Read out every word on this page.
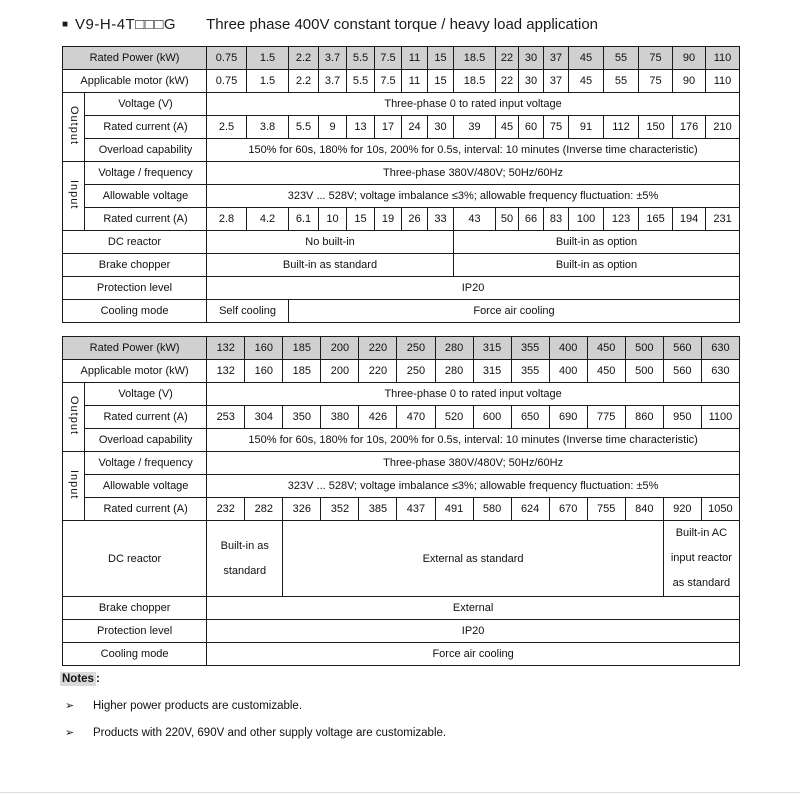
■ V9-H-4T□□□G Three phase 400V constant torque / heavy load application
Rated Power (kW)		0.75	1.5	2.2	3.7	5.5	7.5	11	15	18.5	22	30	37	45	55	75	90	110
Applicable motor (kW)		0.75	1.5	2.2	3.7	5.5	7.5	11	15	18.5	22	30	37	45	55	75	90	110
Output	Voltage (V)	Three-phase 0 to rated input voltage																
	Rated current (A)	2.5	3.8	5.5	9	13	17	24	30	39	45	60	75	91	112	150	176	210
	Overload capability	150% for 60s, 180% for 10s, 200% for 0.5s, interval: 10 minutes (Inverse time characteristic)																
Input	Voltage / frequency	Three-phase 380V/480V; 50Hz/60Hz																
	Allowable voltage	323V ... 528V; voltage imbalance ≤3%; allowable frequency fluctuation: ±5%																
	Rated current (A)	2.8	4.2	6.1	10	15	19	26	33	43	50	66	83	100	123	165	194	231
DC reactor		No built-in								Built-in as option								
Brake chopper		Built-in as standard								Built-in as option								
Protection level		IP20																
Cooling mode		Self cooling		Force air cooling														
Rated Power (kW)		132	160	185	200	220	250	280	315	355	400	450	500	560	630
Applicable motor (kW)		132	160	185	200	220	250	280	315	355	400	450	500	560	630
Output	Voltage (V)	Three-phase 0 to rated input voltage													
	Rated current (A)	253	304	350	380	426	470	520	600	650	690	775	860	950	1100
	Overload capability	150% for 60s, 180% for 10s, 200% for 0.5s, interval: 10 minutes (Inverse time characteristic)													
Input	Voltage / frequency	Three-phase 380V/480V; 50Hz/60Hz													
	Allowable voltage	323V ... 528V; voltage imbalance ≤3%; allowable frequency fluctuation: ±5%													
	Rated current (A)	232	282	326	352	385	437	491	580	624	670	755	840	920	1050
DC reactor		Built-in as standard		External as standard										Built-in AC input reactor as standard	
Brake chopper		External													
Protection level		IP20													
Cooling mode		Force air cooling													
Notes :
➢ Higher power products are customizable.
➢ Products with 220V, 690V and other supply voltage are customizable.
